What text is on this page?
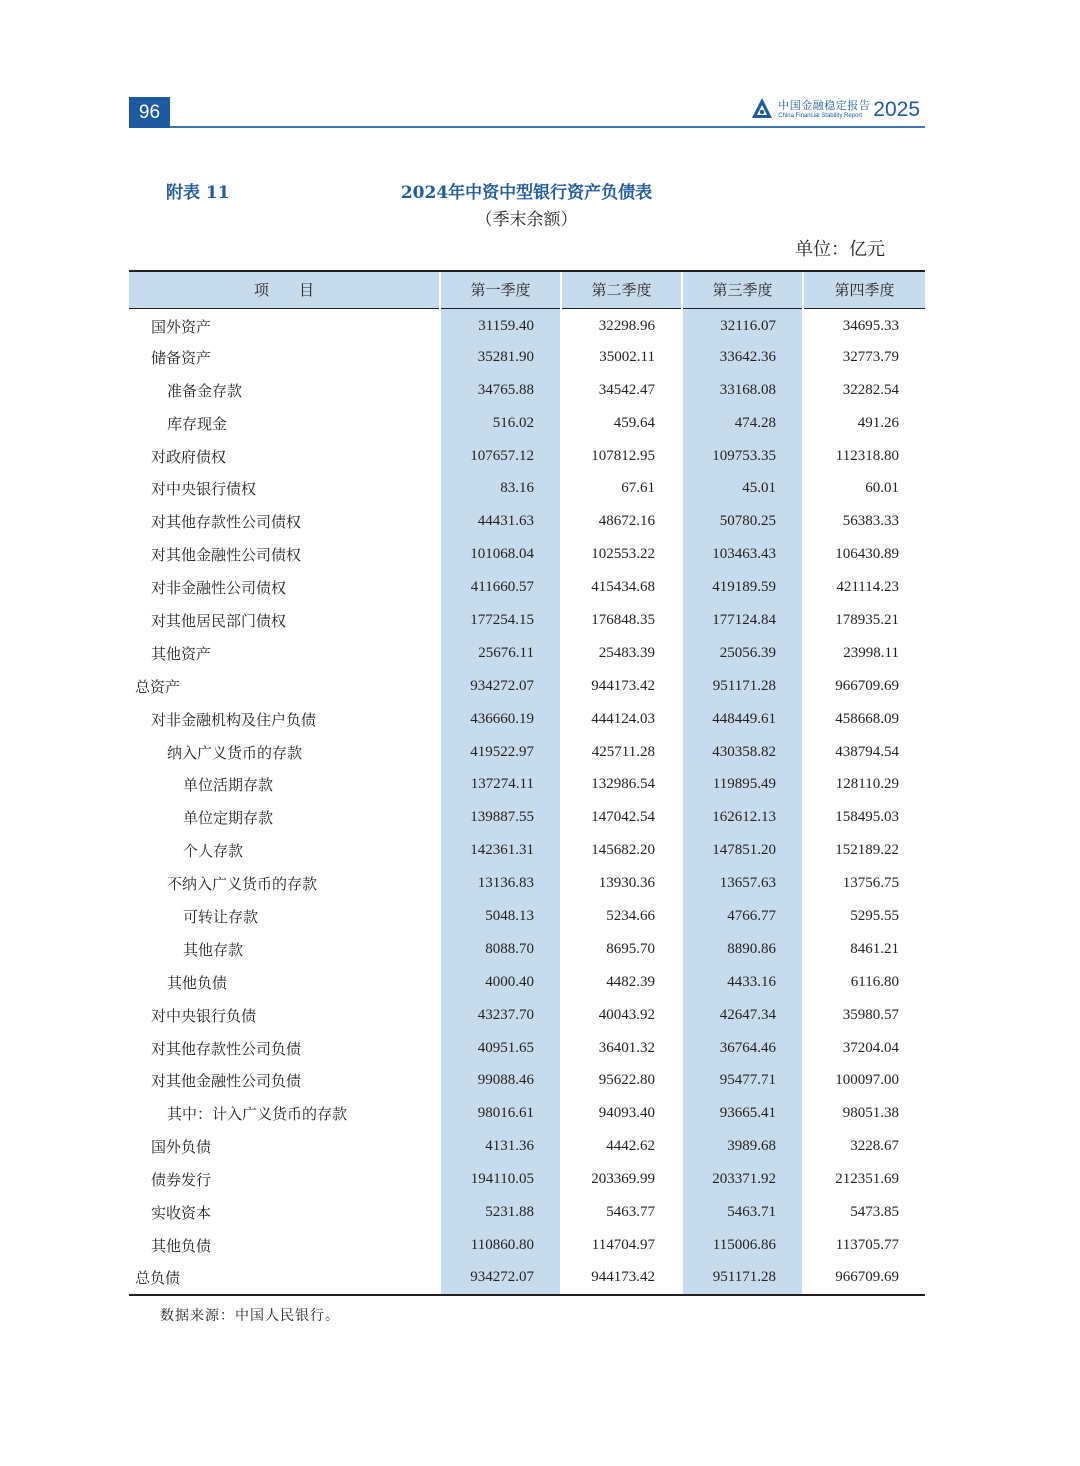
96	中国金融稳定报告
China Financial Stability Report 2025
附表 11	2024年中资中型银行资产负债表
（季末余额）
单位：亿元
项　　目	第一季度	第二季度	第三季度	第四季度
国外资产	31159.40	32298.96	32116.07	34695.33
储备资产	35281.90	35002.11	33642.36	32773.79
准备金存款	34765.88	34542.47	33168.08	32282.54
库存现金	516.02	459.64	474.28	491.26
对政府债权	107657.12	107812.95	109753.35	112318.80
对中央银行债权	83.16	67.61	45.01	60.01
对其他存款性公司债权	44431.63	48672.16	50780.25	56383.33
对其他金融性公司债权	101068.04	102553.22	103463.43	106430.89
对非金融性公司债权	411660.57	415434.68	419189.59	421114.23
对其他居民部门债权	177254.15	176848.35	177124.84	178935.21
其他资产	25676.11	25483.39	25056.39	23998.11
总资产	934272.07	944173.42	951171.28	966709.69
对非金融机构及住户负债	436660.19	444124.03	448449.61	458668.09
纳入广义货币的存款	419522.97	425711.28	430358.82	438794.54
单位活期存款	137274.11	132986.54	119895.49	128110.29
单位定期存款	139887.55	147042.54	162612.13	158495.03
个人存款	142361.31	145682.20	147851.20	152189.22
不纳入广义货币的存款	13136.83	13930.36	13657.63	13756.75
可转让存款	5048.13	5234.66	4766.77	5295.55
其他存款	8088.70	8695.70	8890.86	8461.21
其他负债	4000.40	4482.39	4433.16	6116.80
对中央银行负债	43237.70	40043.92	42647.34	35980.57
对其他存款性公司负债	40951.65	36401.32	36764.46	37204.04
对其他金融性公司负债	99088.46	95622.80	95477.71	100097.00
其中：计入广义货币的存款	98016.61	94093.40	93665.41	98051.38
国外负债	4131.36	4442.62	3989.68	3228.67
债券发行	194110.05	203369.99	203371.92	212351.69
实收资本	5231.88	5463.77	5463.71	5473.85
其他负债	110860.80	114704.97	115006.86	113705.77
总负债	934272.07	944173.42	951171.28	966709.69
数据来源：中国人民银行。
